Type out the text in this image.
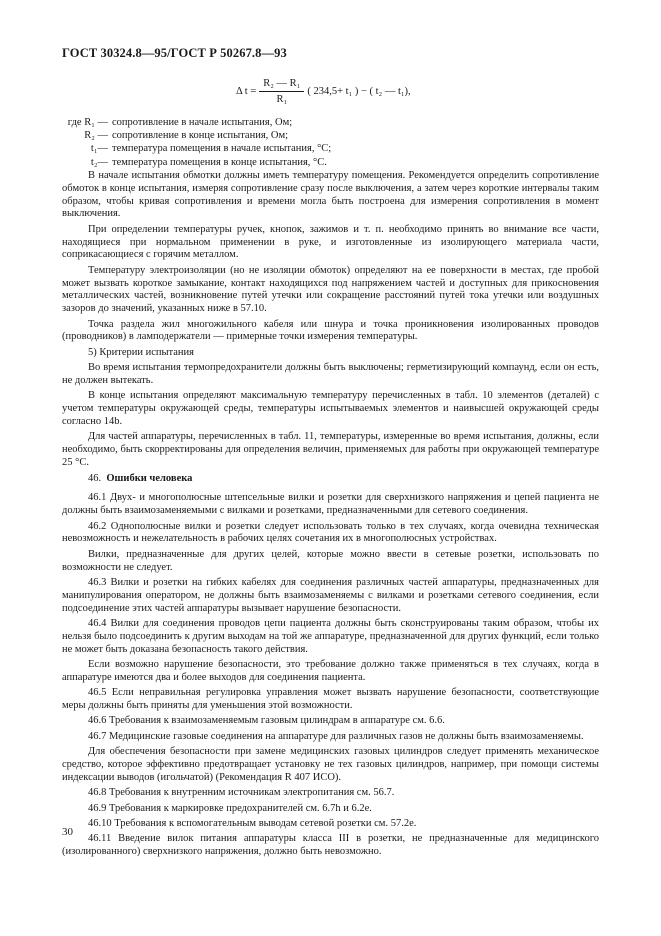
ГОСТ 30324.8—95/ГОСТ Р 50267.8—93
Δ $t = \frac{\text{R₂ — R₁}}{\text{R₁}}$ ( 234,5+ t₁ ) − ( t₂ — t₁),
где R₁ — сопротивление в начале испытания, Ом;
R₂ — сопротивление в конце испытания, Ом;
t₁— температура помещения в начале испытания, °С;
t₂— температура помещения в конце испытания, °С.

В начале испытания обмотки должны иметь температуру помещения. Рекомендуется определить сопротивление обмоток в конце испытания, измеряя сопротивление сразу после выключения, а затем через короткие интервалы таким образом, чтобы кривая сопротивления и времени могла быть построена для измерения сопротивления в момент выключения.

При определении температуры ручек, кнопок, зажимов и т. п. необходимо принять во внимание все части, находящиеся при нормальном применении в руке, и изготовленные из изолирующего материала части, соприкасающиеся с горячим металлом.

Температуру электроизоляции (но не изоляции обмоток) определяют на ее поверхности в местах, где пробой может вызвать короткое замыкание, контакт находящихся под напряжением частей и доступных для прикосновения металлических частей, возникновение путей утечки или сокращение расстояний путей тока утечки или воздушных зазоров до значений, указанных ниже в 57.10.

Точка раздела жил многожильного кабеля или шнура и точка проникновения изолированных проводов (проводников) в ламподержатели — примерные точки измерения температуры.

5) Критерии испытания

Во время испытания термопредохранители должны быть выключены; герметизирующий компаунд, если он есть, не должен вытекать.

В конце испытания определяют максимальную температуру перечисленных в табл. 10 элементов (деталей) с учетом температуры окружающей среды, температуры испытываемых элементов и наивысшей окружающей среды согласно 14b.

Для частей аппаратуры, перечисленных в табл. 11, температуры, измеренные во время испытания, должны, если необходимо, быть скорректированы для определения величин, применяемых для работы при окружающей температуре 25 °С.

46. Ошибки человека

46.1 Двух- и многополюсные штепсельные вилки и розетки для сверхнизкого напряжения и цепей пациента не должны быть взаимозаменяемыми с вилками и розетками, предназначенными для сетевого соединения.

46.2 Однополюсные вилки и розетки следует использовать только в тех случаях, когда очевидна техническая невозможность и нежелательность в рабочих целях сочетания их в многополюсных устройствах.

Вилки, предназначенные для других целей, которые можно ввести в сетевые розетки, использовать по возможности не следует.

46.3 Вилки и розетки на гибких кабелях для соединения различных частей аппаратуры, предназначенных для манипулирования оператором, не должны быть взаимозаменяемы с вилками и розетками сетевого соединения, если подсоединение этих частей аппаратуры вызывает нарушение безопасности.

46.4 Вилки для соединения проводов цепи пациента должны быть сконструированы таким образом, чтобы их нельзя было подсоединить к другим выходам на той же аппаратуре, предназначенной для других функций, если только не может быть доказана безопасность такого действия.

Если возможно нарушение безопасности, это требование должно также применяться в тех случаях, когда в аппаратуре имеются два и более выходов для соединения пациента.

46.5 Если неправильная регулировка управления может вызвать нарушение безопасности, соответствующие меры должны быть приняты для уменьшения этой возможности.

46.6 Требования к взаимозаменяемым газовым цилиндрам в аппаратуре см. 6.6.

46.7 Медицинские газовые соединения на аппаратуре для различных газов не должны быть взаимозаменяемы.

Для обеспечения безопасности при замене медицинских газовых цилиндров следует применять механическое средство, которое эффективно предотвращает установку не тех газовых цилиндров, например, при помощи системы индексации выводов (игольчатой) (Рекомендация R 407 ИСО).

46.8 Требования к внутренним источникам электропитания см. 56.7.

46.9 Требования к маркировке предохранителей см. 6.7h и 6.2e.

46.10 Требования к вспомогательным выводам сетевой розетки см. 57.2e.

46.11 Введение вилок питания аппаратуры класса III в розетки, не предназначенные для медицинского (изолированного) сверхнизкого напряжения, должно быть невозможно.

30
